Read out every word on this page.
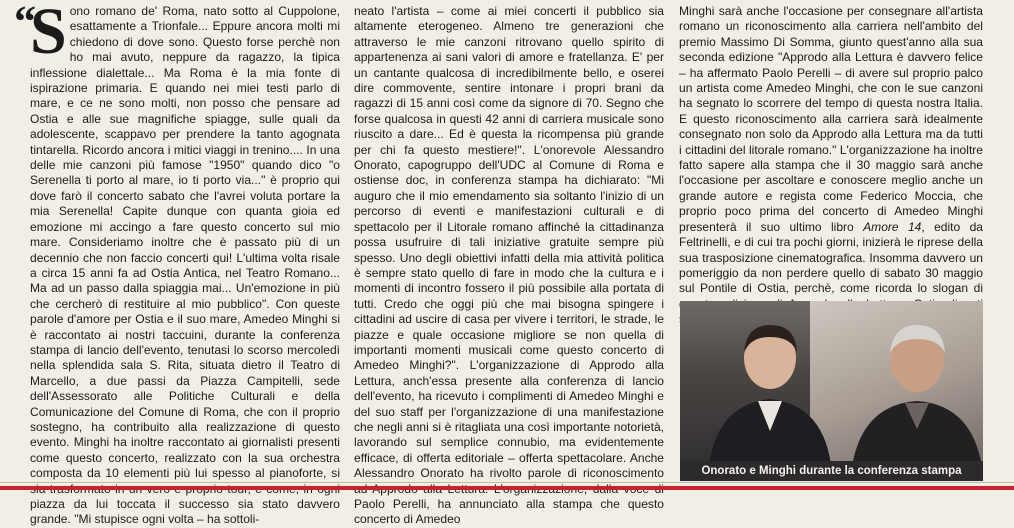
“
S ono romano de' Roma, nato sotto al Cuppolone, esattamente a Trionfale... Eppure ancora molti mi chiedono di dove sono. Questo forse perchè non ho mai avuto, neppure da ragazzo, la tipica inflessione dialettale... Ma Roma è la mia fonte di ispirazione primaria. E quando nei miei testi parlo di mare, e ce ne sono molti, non posso che pensare ad Ostia e alle sue magnifiche spiagge, sulle quali da adolescente, scappavo per prendere la tanto agognata tintarella. Ricordo ancora i mitici viaggi in trenino.... In una delle mie canzoni più famose "1950" quando dico "o Serenella ti porto al mare, io ti porto via..." è proprio qui dove farò il concerto sabato che l'avrei voluta portare la mia Serenella! Capite dunque con quanta gioia ed emozione mi accingo a fare questo concerto sul mio mare. Consideriamo inoltre che è passato più di un decennio che non faccio concerti qui! L'ultima volta risale a circa 15 anni fa ad Ostia Antica, nel Teatro Romano... Ma ad un passo dalla spiaggia mai... Un'emozione in più che cercherò di restituire al mio pubblico". Con queste parole d'amore per Ostia e il suo mare, Amedeo Minghi si è raccontato ai nostri taccuini, durante la conferenza stampa di lancio dell'evento, tenutasi lo scorso mercoledì nella splendida sala S. Rita, situata dietro il Teatro di Marcello, a due passi da Piazza Campitelli, sede dell'Assessorato alle Politiche Culturali e della Comunicazione del Comune di Roma, che con il proprio sostegno, ha contribuito alla realizzazione di questo evento. Minghi ha inoltre raccontato ai giornalisti presenti come questo concerto, realizzato con la sua orchestra composta da 10 elementi più lui spesso al pianoforte, si piazza da lui toccata il successo sia stato davvero grande. "Mi stupisce ogni volta – ha sottoli-
neato l'artista – come ai miei concerti il pubblico sia altamente eterogeneo. Almeno tre generazioni che attraverso le mie canzoni ritrovano quello spirito di appartenenza ai sani valori di amore e fratellanza. E' per un cantante qualcosa di incredibilmente bello, e oserei dire commovente, sentire intonare i propri brani da ragazzi di 15 anni così come da signore di 70. Segno che forse qualcosa in questi 42 anni di carriera musicale sono riuscito a dare... Ed è questa la ricompensa più grande per chi fa questo mestiere!". L'onorevole Alessandro Onorato, capogruppo dell'UDC al Comune di Roma e ostiense doc, in conferenza stampa ha dichiarato: "Mi auguro che il mio emendamento sia soltanto l'inizio di un percorso di eventi e manifestazioni culturali e di spettacolo per il Litorale romano affinché la cittadinanza possa usufruire di tali iniziative gratuite sempre più spesso. Uno degli obiettivi infatti della mia attività politica è sempre stato quello di fare in modo che la cultura e i momenti di incontro fossero il più possibile alla portata di tutti. Credo che oggi più che mai bisogna spingere i cittadini ad uscire di casa per vivere i territori, le strade, le piazze e quale occasione migliore se non quella di importanti momenti musicali come questo concerto di Amedeo Minghi?". L'organizzazione di Approdo alla Lettura, anch'essa presente alla conferenza di lancio dell'evento, ha ricevuto i complimenti di Amedeo Minghi e del suo staff per l'organizzazione di una manifestazione che negli anni si è ritagliata una così importante notorietà, lavorando sul semplice connubio, ma evidentemente efficace, di offerta editoriale – offerta spettacolare. Anche Alessandro Onorato ha rivolto parole di riconoscimento Paolo Perelli, ha annunciato alla stampa che questo concerto di Amedeo
Minghi sarà anche l'occasione per consegnare all'artista romano un riconoscimento alla carriera nell'ambito del premio Massimo Di Somma, giunto quest'anno alla sua seconda edizione "Approdo alla Lettura è davvero felice – ha affermato Paolo Perelli – di avere sul proprio palco un artista come Amedeo Minghi, che con le sue canzoni ha segnato lo scorrere del tempo di questa nostra Italia. E questo riconoscimento alla carriera sarà idealmente consegnato non solo da Approdo alla Lettura ma da tutti i cittadini del litorale romano." L'organizzazione ha inoltre fatto sapere alla stampa che il 30 maggio sarà anche l'occasione per ascoltare e conoscere meglio anche un grande autore e regista come Federico Moccia, che proprio poco prima del concerto di Amedeo Minghi presenterà il suo ultimo libro Amore 14, edito da Feltrinelli, e di cui tra pochi giorni, inizierà le riprese della sua trasposizione cinematografica. Insomma davvero un pomeriggio da non perdere quello di sabato 30 maggio sul Pontile di Ostia, perchè, come ricorda lo slogan di
Onorato e Minghi durante la conferenza stampa
